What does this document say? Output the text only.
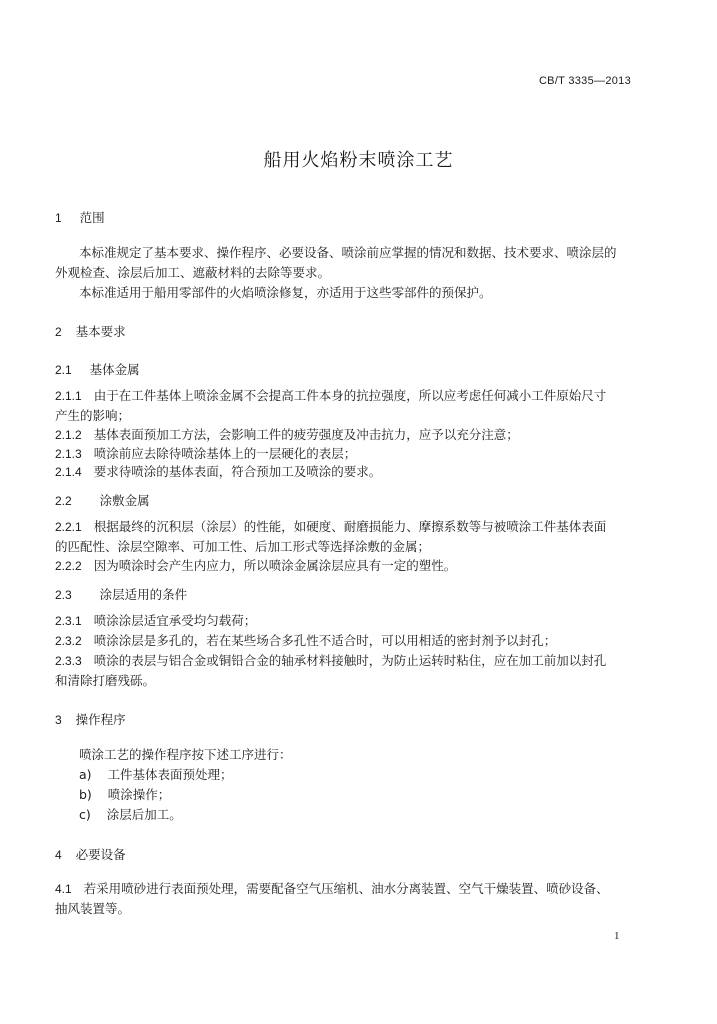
CB/T 3335—2013
船用火焰粉末喷涂工艺
1 范围
本标准规定了基本要求、操作程序、必要设备、喷涂前应掌握的情况和数据、技术要求、喷涂层的
外观检查、涂层后加工、遮蔽材料的去除等要求。
本标准适用于船用零部件的火焰喷涂修复，亦适用于这些零部件的预保护。
2 基本要求
2.1 基体金属
2.1.1 由于在工件基体上喷涂金属不会提高工件本身的抗拉强度，所以应考虑任何减小工件原始尺寸
产生的影响；
2.1.2 基体表面预加工方法，会影响工件的疲劳强度及冲击抗力，应予以充分注意；
2.1.3 喷涂前应去除待喷涂基体上的一层硬化的表层；
2.1.4 要求待喷涂的基体表面，符合预加工及喷涂的要求。
2.2 涂敷金属
2.2.1 根据最终的沉积层（涂层）的性能，如硬度、耐磨损能力、摩擦系数等与被喷涂工件基体表面
的匹配性、涂层空隙率、可加工性、后加工形式等选择涂敷的金属；
2.2.2 因为喷涂时会产生内应力，所以喷涂金属涂层应具有一定的塑性。
2.3 涂层适用的条件
2.3.1 喷涂涂层适宜承受均匀载荷；
2.3.2 喷涂涂层是多孔的，若在某些场合多孔性不适合时，可以用相适的密封剂予以封孔；
2.3.3 喷涂的表层与铝合金或铜铅合金的轴承材料接触时，为防止运转时粘住，应在加工前加以封孔
和清除打磨残砾。
3 操作程序
喷涂工艺的操作程序按下述工序进行：
a) 工件基体表面预处理；
b) 喷涂操作；
c) 涂层后加工。
4 必要设备
4.1 若采用喷砂进行表面预处理，需要配备空气压缩机、油水分离装置、空气干燥装置、喷砂设备、
抽风装置等。
1
